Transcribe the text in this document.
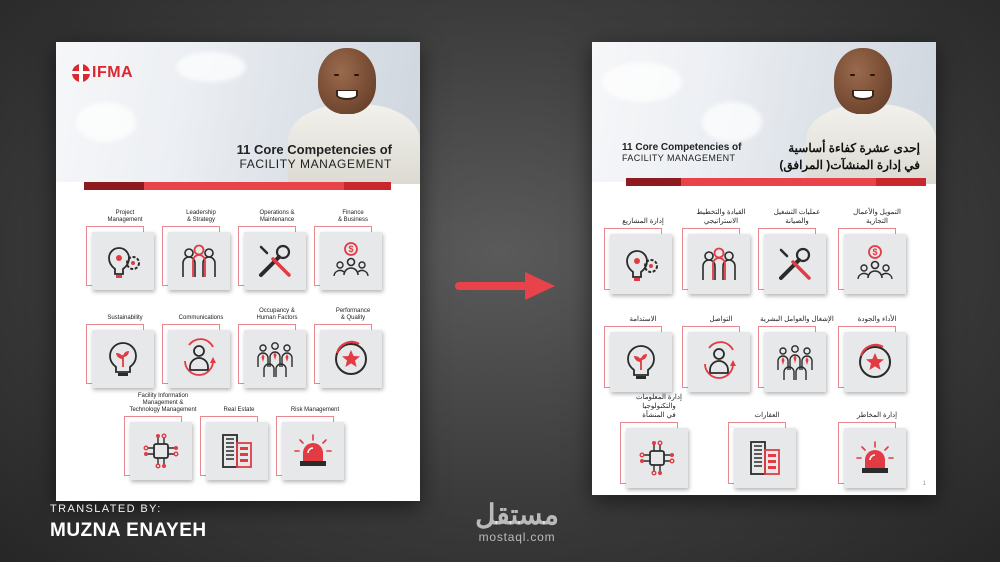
IFMA
11 Core Competencies of
FACILITY MANAGEMENT
Project
Management
Leadership
& Strategy
Operations &
Maintenance
Finance
& Business
$
Sustainability	Communications
Occupancy &
Human Factors
Performance
& Quality
Facility Information
Management &
Technology Management	Real Estate	Risk Management
11 Core Competencies of
FACILITY MANAGEMENT
إحدى عشرة كفاءة أساسية
في إدارة المنشآت( المرافق)
إدارة المشاريع
القيادة والتخطيط
الاستراتيجي
عمليات التشغيل
والصيانة
التمويل والأعمال
التجارية
$
الاستدامة	التواصل	الإشغال والعوامل البشرية	الأداء والجودة
إدارة المعلومات والتكنولوجيا
في المنشأة	العقارات	إدارة المخاطر
1
TRANSLATED BY:
MUZNA ENAYEH
مستقل
mostaql.com
